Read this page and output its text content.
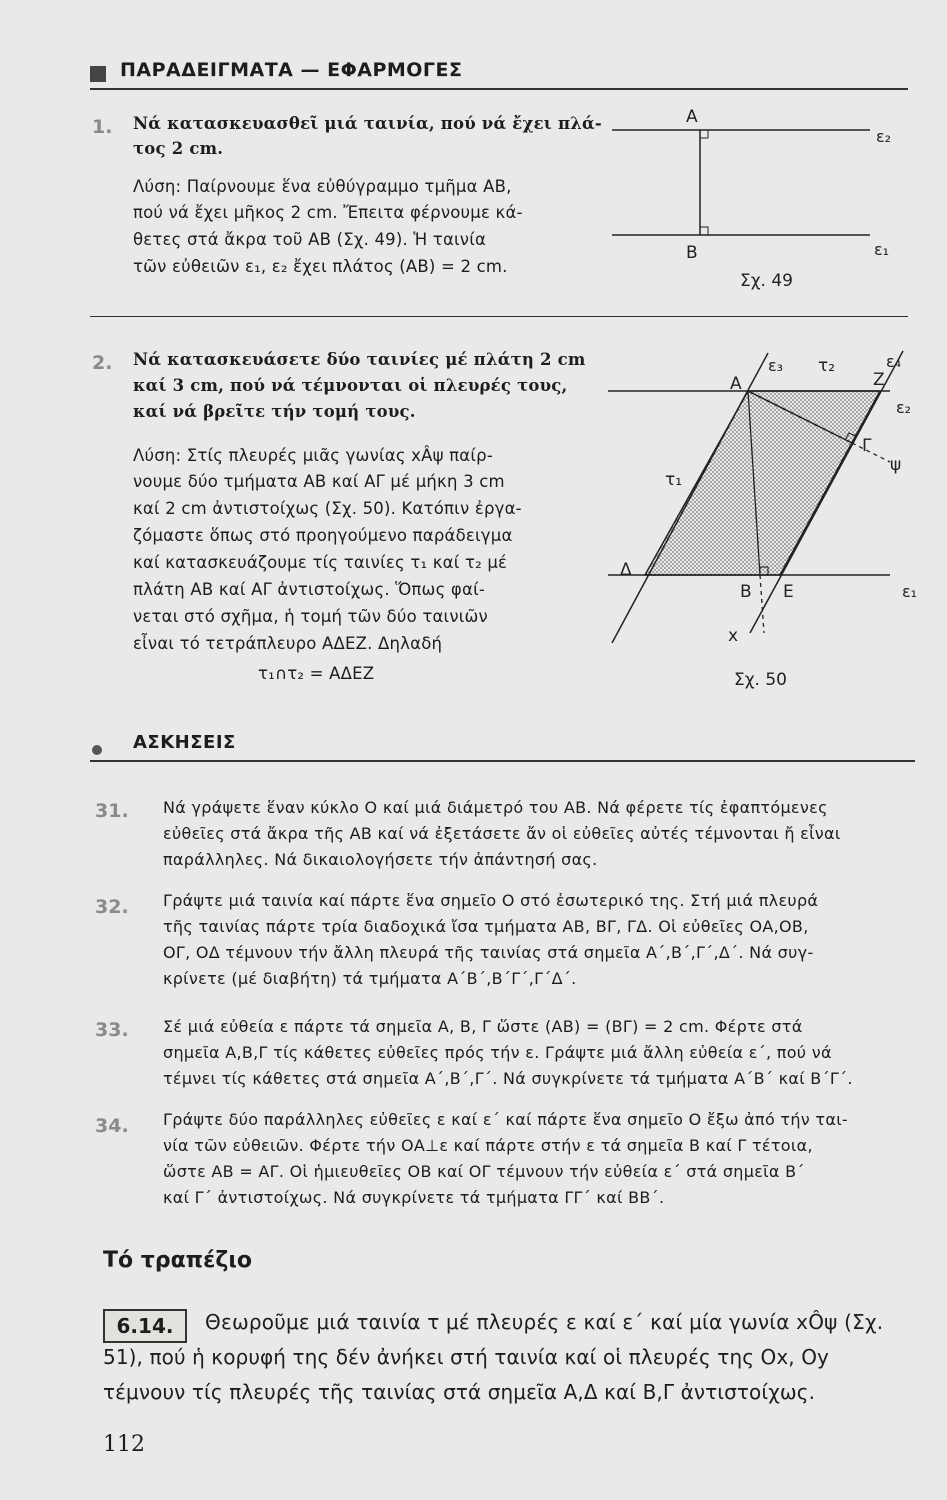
ΠΑΡΑΔΕΙΓΜΑΤΑ — ΕΦΑΡΜΟΓΕΣ
1. Νά κατασκευασθεῖ μιά ταινία, πού νά ἔχει πλά-
τος 2 cm.
Λύση: Παίρνουμε ἕνα εὐθύγραμμο τμῆμα ΑΒ,
πού νά ἔχει μῆκος 2 cm. Ἔπειτα φέρνουμε κά-
θετες στά ἄκρα τοῦ ΑΒ (Σχ. 49). Ἡ ταινία
τῶν εὐθειῶν ε₁, ε₂ ἔχει πλάτος (ΑΒ) = 2 cm.
Α
Β
ε₂
ε₁
Σχ. 49
2. Νά κατασκευάσετε δύο ταινίες μέ πλάτη 2 cm
καί 3 cm, πού νά τέμνονται οἱ πλευρές τους,
καί νά βρεῖτε τήν τομή τους.
Λύση: Στίς πλευρές μιᾶς γωνίας xÂψ παίρ-
νουμε δύο τμήματα ΑΒ καί ΑΓ μέ μήκη 3 cm
καί 2 cm ἀντιστοίχως (Σχ. 50). Κατόπιν ἐργα-
ζόμαστε ὅπως στό προηγούμενο παράδειγμα
καί κατασκευάζουμε τίς ταινίες τ₁ καί τ₂ μέ
πλάτη ΑΒ καί ΑΓ ἀντιστοίχως. Ὅπως φαί-
νεται στό σχῆμα, ἡ τομή τῶν δύο ταινιῶν
εἶναι τό τετράπλευρο ΑΔΕΖ. Δηλαδή
τ₁∩τ₂ = ΑΔΕΖ
ε₃ τ₂	ε₄
Ζ
Α
ε₂
Γ
ψ
τ₁
Δ
Β Ε	ε₁
x
Σχ. 50
ΑΣΚΗΣΕΙΣ
31. Νά γράψετε ἕναν κύκλο Ο καί μιά διάμετρό του ΑΒ. Νά φέρετε τίς ἐφαπτόμενες
εὐθεῖες στά ἄκρα τῆς ΑΒ καί νά ἐξετάσετε ἄν οἱ εὐθεῖες αὐτές τέμνονται ἤ εἶναι
παράλληλες. Νά δικαιολογήσετε τήν ἀπάντησή σας.
32. Γράψτε μιά ταινία καί πάρτε ἕνα σημεῖο Ο στό ἐσωτερικό της. Στή μιά πλευρά
τῆς ταινίας πάρτε τρία διαδοχικά ἴσα τμήματα ΑΒ, ΒΓ, ΓΔ. Οἱ εὐθεῖες ΟΑ,ΟΒ,
ΟΓ, ΟΔ τέμνουν τήν ἄλλη πλευρά τῆς ταινίας στά σημεῖα Α΄,Β΄,Γ΄,Δ΄. Νά συγ-
κρίνετε (μέ διαβήτη) τά τμήματα Α΄Β΄,Β΄Γ΄,Γ΄Δ΄.
33. Σέ μιά εὐθεία ε πάρτε τά σημεῖα Α, Β, Γ ὥστε (ΑΒ) = (ΒΓ) = 2 cm. Φέρτε στά
σημεῖα Α,Β,Γ τίς κάθετες εὐθεῖες πρός τήν ε. Γράψτε μιά ἄλλη εὐθεία ε΄, πού νά
τέμνει τίς κάθετες στά σημεῖα Α΄,Β΄,Γ΄. Νά συγκρίνετε τά τμήματα Α΄Β΄ καί Β΄Γ΄.
34. Γράψτε δύο παράλληλες εὐθεῖες ε καί ε΄ καί πάρτε ἕνα σημεῖο Ο ἔξω ἀπό τήν ται-
νία τῶν εὐθειῶν. Φέρτε τήν ΟΑ⊥ε καί πάρτε στήν ε τά σημεῖα Β καί Γ τέτοια,
ὥστε ΑΒ = ΑΓ. Οἱ ἡμιευθεῖες ΟΒ καί ΟΓ τέμνουν τήν εὐθεία ε΄ στά σημεῖα Β΄
καί Γ΄ ἀντιστοίχως. Νά συγκρίνετε τά τμήματα ΓΓ΄ καί ΒΒ΄.
Τό τραπέζιο
6.14.	Θεωροῦμε μιά ταινία τ μέ πλευρές ε καί ε΄ καί μία γωνία xÔψ (Σχ.
51), πού ἡ κορυφή της δέν ἀνήκει στή ταινία καί οἱ πλευρές της Οx, Οy
τέμνουν τίς πλευρές τῆς ταινίας στά σημεῖα Α,Δ καί Β,Γ ἀντιστοίχως.
112
